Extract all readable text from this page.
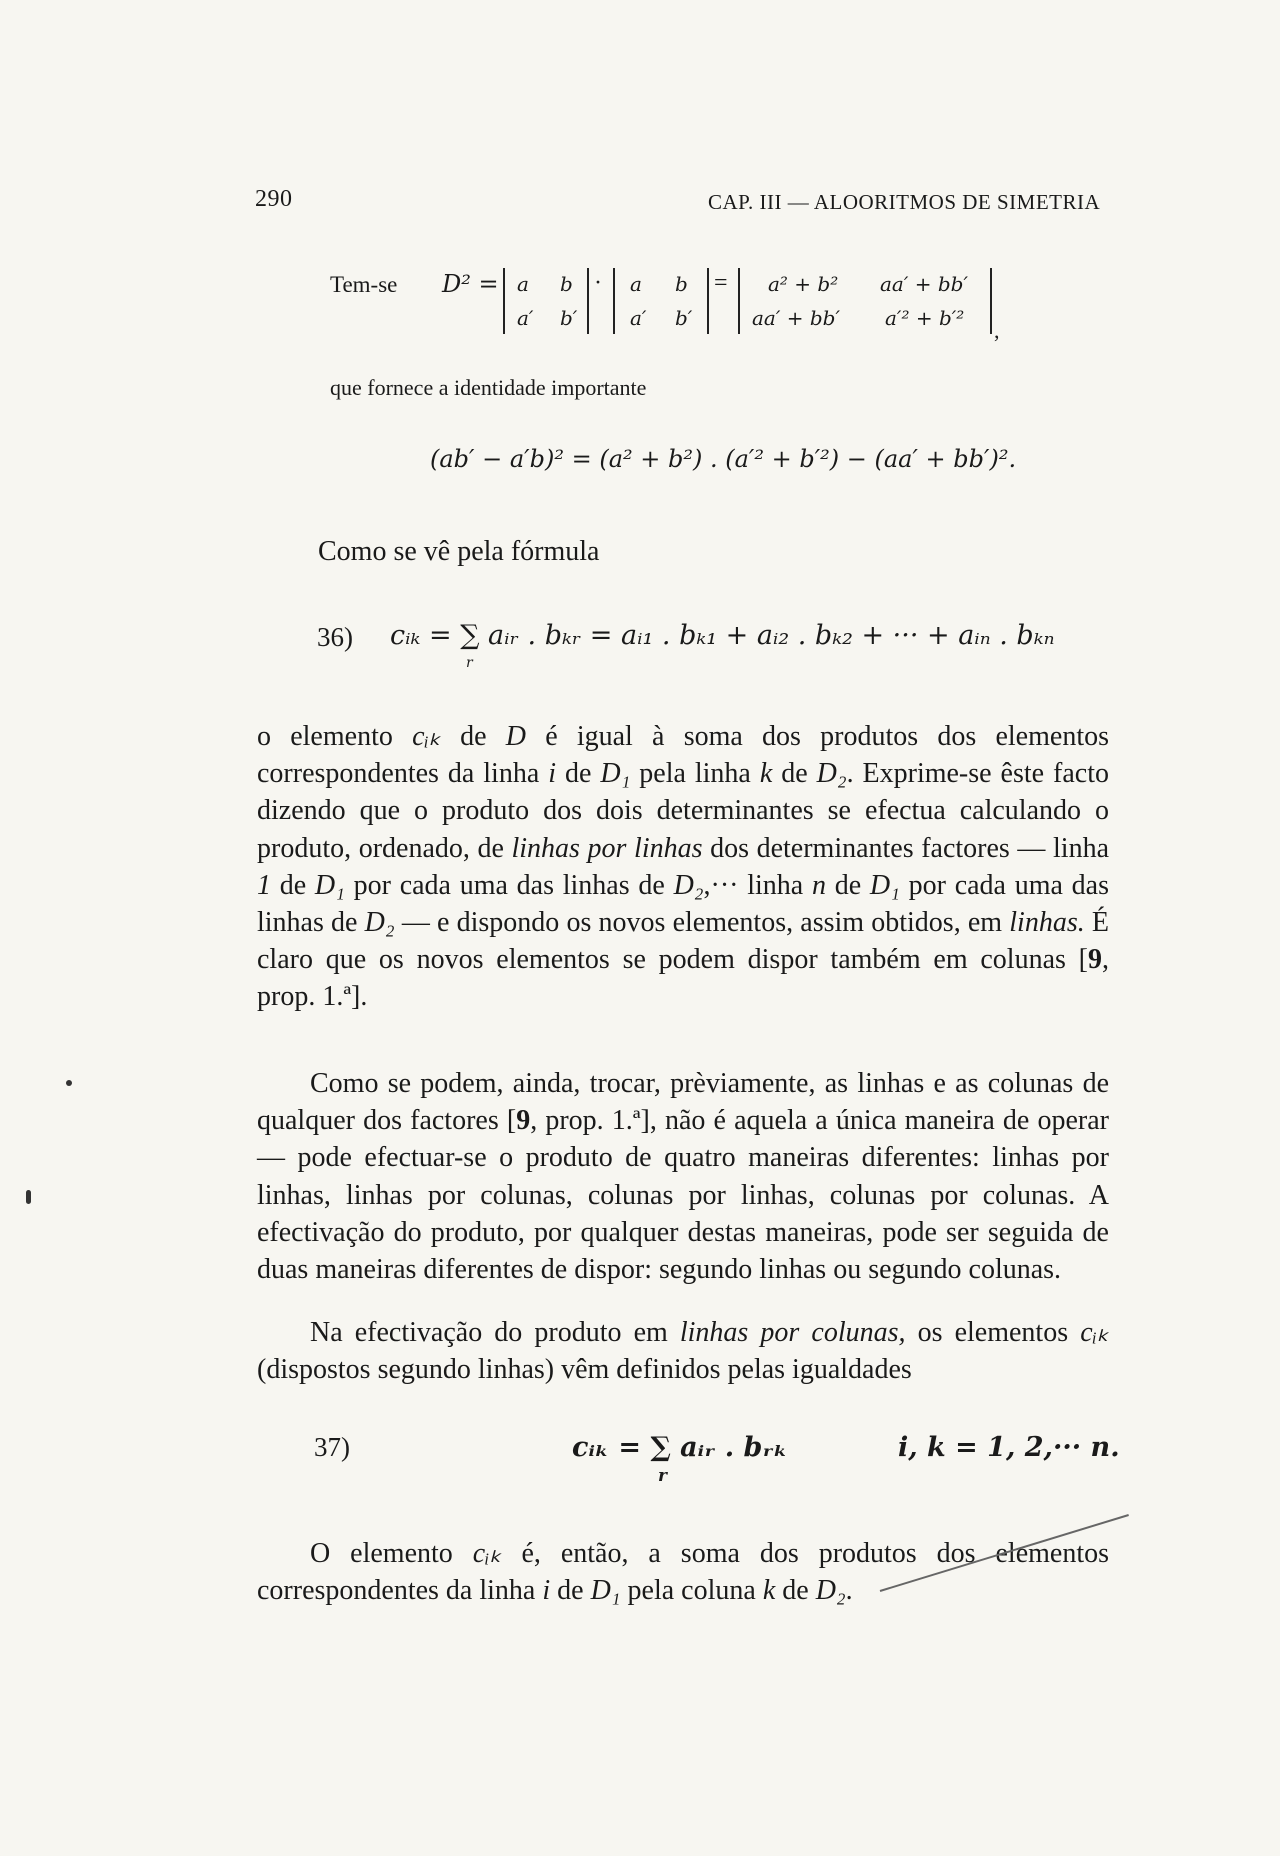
290	CAP. III — ALOORITMOS DE SIMETRIA
Tem-se D² = a b
a′ b′
· a b
a′ b′
= a² + b² aa′ + bb′
aa′ + bb′ a′² + b′² ,
que fornece a identidade importante
(ab′ − a′b)² = (a² + b²) . (a′² + b′²) − (aa′ + bb′)².
Como se vê pela fórmula
36) cᵢₖ = ∑ aᵢᵣ . bₖᵣ = aᵢ₁ . bₖ₁ + aᵢ₂ . bₖ₂ + ··· + aᵢₙ . bₖₙ
r
o elemento cᵢₖ de D é igual à soma dos produtos dos elementos correspondentes da linha i de D₁ pela linha k de D₂. Exprime-se êste facto dizendo que o produto dos dois determinantes se efectua calculando o produto, ordenado, de linhas por linhas dos determinantes factores — linha 1 de D₁ por cada uma das linhas de D₂,··· linha n de D₁ por cada uma das linhas de D₂ — e dispondo os novos elementos, assim obtidos, em linhas. É claro que os novos elementos se podem dispor também em colunas [9, prop. 1.ª].
Como se podem, ainda, trocar, prèviamente, as linhas e as colunas de qualquer dos factores [9, prop. 1.ª], não é aquela a única maneira de operar — pode efectuar-se o produto de quatro maneiras diferentes: linhas por linhas, linhas por colunas, colunas por linhas, colunas por colunas. A efectivação do produto, por qualquer destas maneiras, pode ser seguida de duas maneiras diferentes de dispor: segundo linhas ou segundo colunas.
Na efectivação do produto em linhas por colunas, os elementos cᵢₖ (dispostos segundo linhas) vêm definidos pelas igualdades
37)	cᵢₖ = ∑ aᵢᵣ . bᵣₖ
r
i, k = 1, 2,··· n.
O elemento cᵢₖ é, então, a soma dos produtos dos elementos correspondentes da linha i de D₁ pela coluna k de D₂.
